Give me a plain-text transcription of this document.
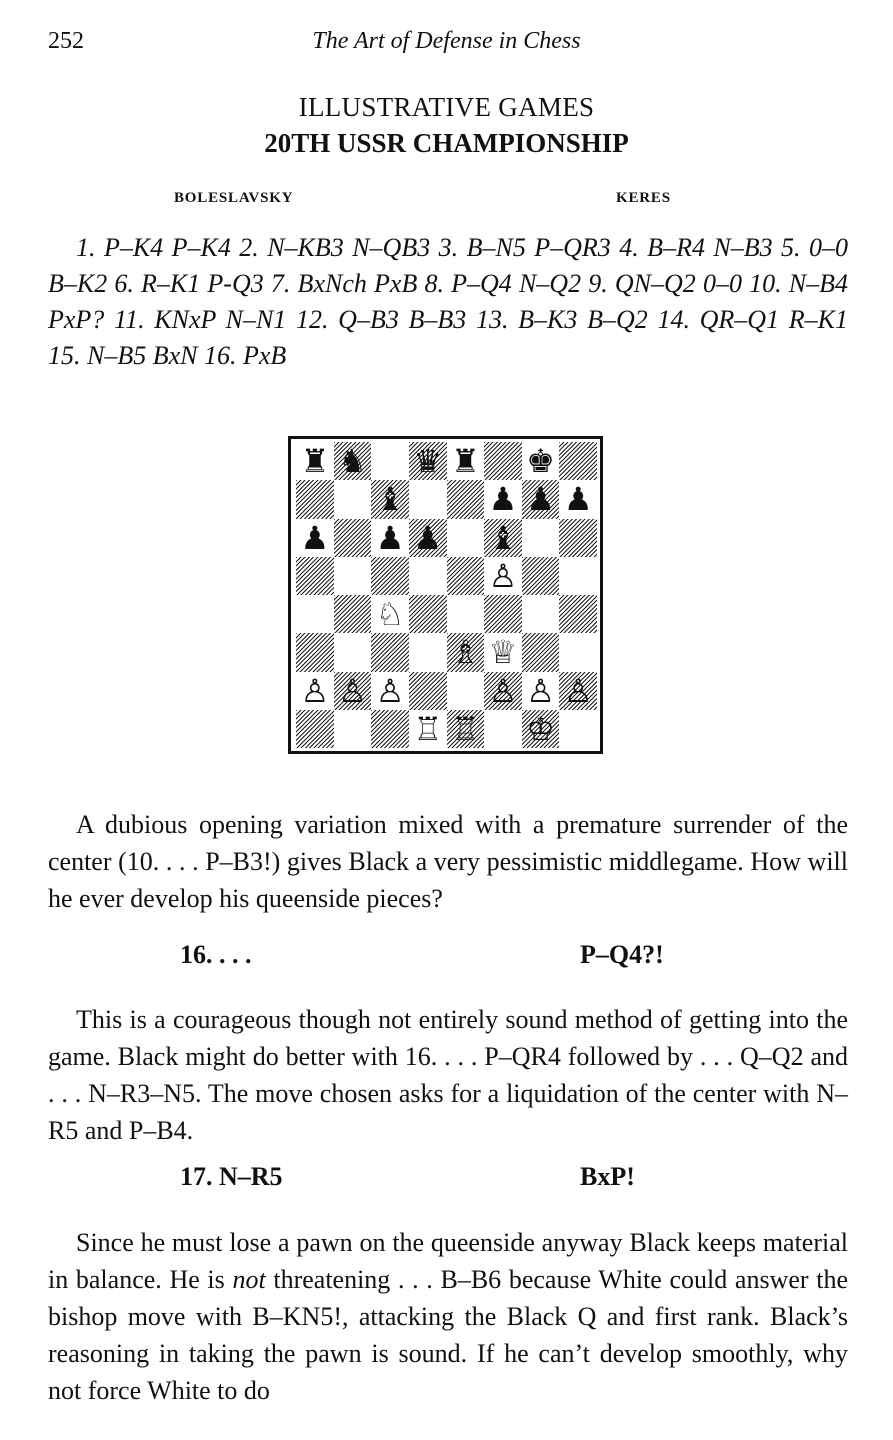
252	The Art of Defense in Chess
ILLUSTRATIVE GAMES
20TH USSR CHAMPIONSHIP
BOLESLAVSKY	KERES

1. P–K4 P–K4 2. N–KB3 N–QB3 3. B–N5 P–QR3 4. B–R4 N–B3 5. 0–0 B–K2 6. R–K1 P-Q3 7. BxNch PxB 8. P–Q4 N–Q2 9. QN–Q2 0–0 10. N–B4 PxP? 11. KNxP N–N1 12. Q–B3 B–B3 13. B–K3 B–Q2 14. QR–Q1 R–K1 15. N–B5 BxN 16. PxB

♜ ♞ ♛ ♜ ♚
♝	♟ ♟ ♟
♟ ♟ ♟ ♝
♙
♘
♗ ♕
♙ ♙ ♙	♙ ♙ ♙
♖ ♖ ♔

A dubious opening variation mixed with a premature surrender of the center (10. . . . P–B3!) gives Black a very pessimistic middlegame. How will he ever develop his queenside pieces?

16. . . .	P–Q4?!

This is a courageous though not entirely sound method of getting into the game. Black might do better with 16. . . . P–QR4 followed by . . . Q–Q2 and . . . N–R3–N5. The move chosen asks for a liquidation of the center with N–R5 and P–B4.

17. N–R5	BxP!

Since he must lose a pawn on the queenside anyway Black keeps material in balance. He is not threatening . . . B–B6 because White could answer the bishop move with B–KN5!, attacking the Black Q and first rank. Black’s reasoning in taking the pawn is sound. If he can’t develop smoothly, why not force White to do
